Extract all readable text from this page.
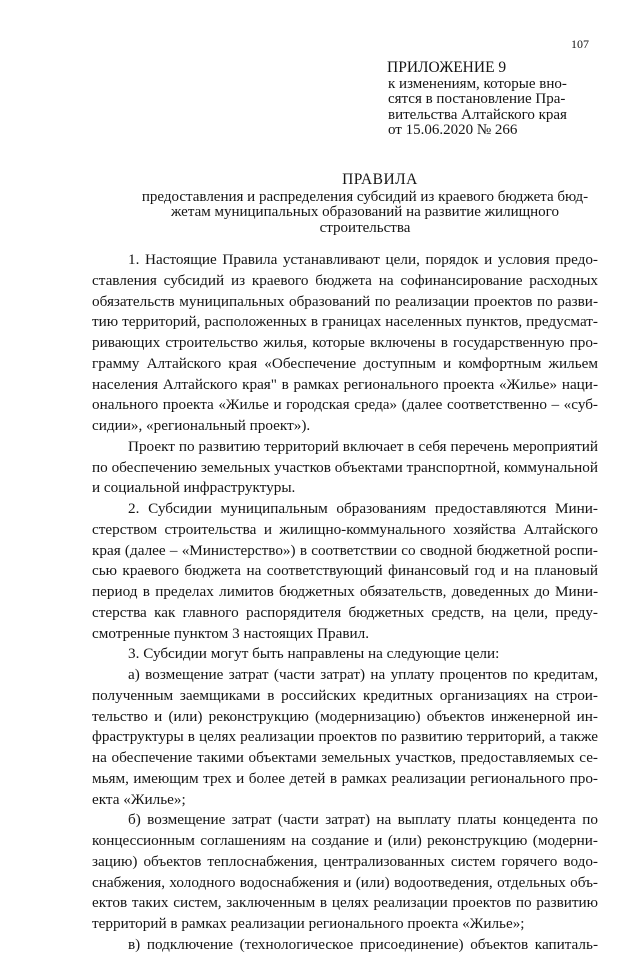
107
ПРИЛОЖЕНИЕ 9
к изменениям, которые вно-
сятся в постановление Пра-
вительства Алтайского края
от 15.06.2020 № 266
ПРАВИЛА
предоставления и распределения субсидий из краевого бюджета бюд-
жетам муниципальных образований на развитие жилищного
строительства
1. Настоящие Правила устанавливают цели, порядок и условия предо-
ставления субсидий из краевого бюджета на софинансирование расходных
обязательств муниципальных образований по реализации проектов по разви-
тию территорий, расположенных в границах населенных пунктов, предусмат-
ривающих строительство жилья, которые включены в государственную про-
грамму Алтайского края «Обеспечение доступным и комфортным жильем
населения Алтайского края" в рамках регионального проекта «Жилье» наци-
онального проекта «Жилье и городская среда» (далее соответственно – «суб-
сидии», «региональный проект»).
Проект по развитию территорий включает в себя перечень мероприятий
по обеспечению земельных участков объектами транспортной, коммунальной
и социальной инфраструктуры.
2. Субсидии муниципальным образованиям предоставляются Мини-
стерством строительства и жилищно-коммунального хозяйства Алтайского
края (далее – «Министерство») в соответствии со сводной бюджетной роспи-
сью краевого бюджета на соответствующий финансовый год и на плановый
период в пределах лимитов бюджетных обязательств, доведенных до Мини-
стерства как главного распорядителя бюджетных средств, на цели, преду-
смотренные пунктом 3 настоящих Правил.
3. Субсидии могут быть направлены на следующие цели:
а) возмещение затрат (части затрат) на уплату процентов по кредитам,
полученным заемщиками в российских кредитных организациях на строи-
тельство и (или) реконструкцию (модернизацию) объектов инженерной ин-
фраструктуры в целях реализации проектов по развитию территорий, а также
на обеспечение такими объектами земельных участков, предоставляемых се-
мьям, имеющим трех и более детей в рамках реализации регионального про-
екта «Жилье»;
б) возмещение затрат (части затрат) на выплату платы концедента по
концессионным соглашениям на создание и (или) реконструкцию (модерни-
зацию) объектов теплоснабжения, централизованных систем горячего водо-
снабжения, холодного водоснабжения и (или) водоотведения, отдельных объ-
ектов таких систем, заключенным в целях реализации проектов по развитию
территорий в рамках реализации регионального проекта «Жилье»;
в) подключение (технологическое присоединение) объектов капиталь-
